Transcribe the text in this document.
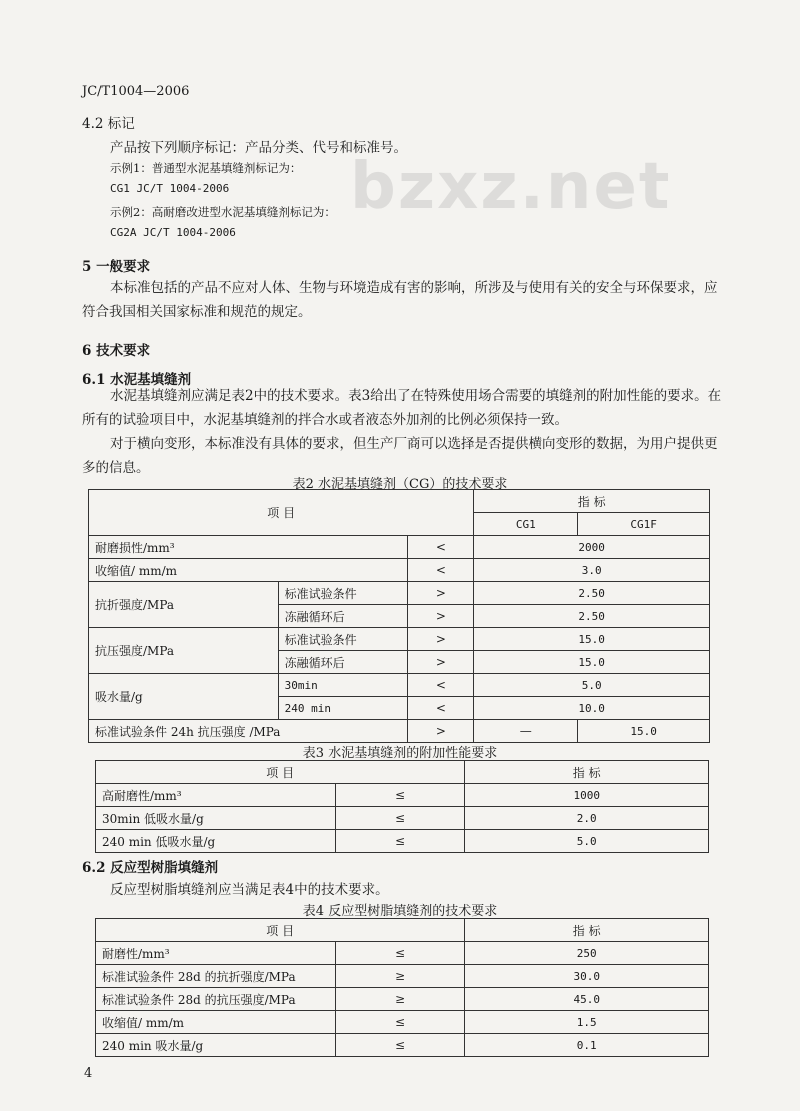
JC/T1004—2006
bzxz.net
4.2 标记
产品按下列顺序标记：产品分类、代号和标准号。
示例1：普通型水泥基填缝剂标记为：
CG1 JC/T 1004-2006
示例2：高耐磨改进型水泥基填缝剂标记为：
CG2A JC/T 1004-2006
5 一般要求
本标准包括的产品不应对人体、生物与环境造成有害的影响，所涉及与使用有关的安全与环保要求，应符合我国相关国家标准和规范的规定。
6 技术要求
6.1 水泥基填缝剂
水泥基填缝剂应满足表2中的技术要求。表3给出了在特殊使用场合需要的填缝剂的附加性能的要求。在所有的试验项目中，水泥基填缝剂的拌合水或者液态外加剂的比例必须保持一致。
对于横向变形，本标准没有具体的要求，但生产厂商可以选择是否提供横向变形的数据，为用户提供更多的信息。
表2 水泥基填缝剂（CG）的技术要求
项 目			指 标	
			CG1	CG1F
耐磨损性/mm³		<	2000	
收缩值/ mm/m		<	3.0	
抗折强度/MPa	标准试验条件	>	2.50	
	冻融循环后	>	2.50	
抗压强度/MPa	标准试验条件	>	15.0	
	冻融循环后	>	15.0	
吸水量/g	30min	<	5.0	
	240 min	<	10.0	
标准试验条件 24h 抗压强度 /MPa		>	—	15.0
表3 水泥基填缝剂的附加性能要求
项 目		指 标
高耐磨性/mm³	≤	1000
30min 低吸水量/g	≤	2.0
240 min 低吸水量/g	≤	5.0
6.2 反应型树脂填缝剂
反应型树脂填缝剂应当满足表4中的技术要求。
表4 反应型树脂填缝剂的技术要求
项 目		指 标
耐磨性/mm³	≤	250
标准试验条件 28d 的抗折强度/MPa	≥	30.0
标准试验条件 28d 的抗压强度/MPa	≥	45.0
收缩值/ mm/m	≤	1.5
240 min 吸水量/g	≤	0.1
4
